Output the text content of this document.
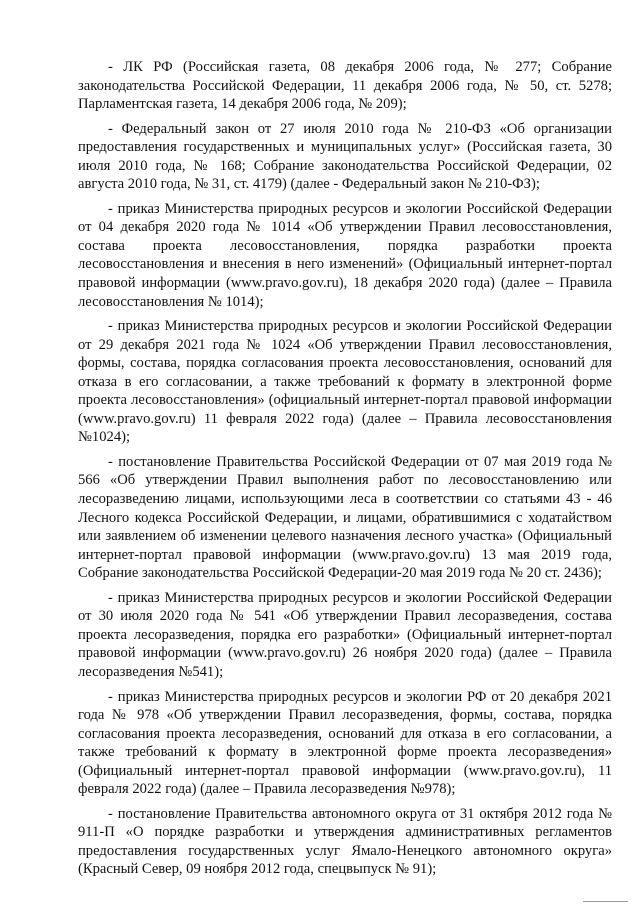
- ЛК РФ (Российская газета, 08 декабря 2006 года, № 277; Собрание законодательства Российской Федерации, 11 декабря 2006 года, № 50, ст. 5278; Парламентская газета, 14 декабря 2006 года, № 209);

- Федеральный закон от 27 июля 2010 года № 210-ФЗ «Об организации предоставления государственных и муниципальных услуг» (Российская газета, 30 июля 2010 года, № 168; Собрание законодательства Российской Федерации, 02 августа 2010 года, № 31, ст. 4179) (далее - Федеральный закон № 210-ФЗ);

- приказ Министерства природных ресурсов и экологии Российской Федерации от 04 декабря 2020 года № 1014 «Об утверждении Правил лесовосстановления, состава проекта лесовосстановления, порядка разработки проекта лесовосстановления и внесения в него изменений» (Официальный интернет-портал правовой информации (www.pravo.gov.ru), 18 декабря 2020 года) (далее – Правила лесовосстановления № 1014);

- приказ Министерства природных ресурсов и экологии Российской Федерации от 29 декабря 2021 года № 1024 «Об утверждении Правил лесовосстановления, формы, состава, порядка согласования проекта лесовосстановления, оснований для отказа в его согласовании, а также требований к формату в электронной форме проекта лесовосстановления» (официальный интернет-портал правовой информации (www.pravo.gov.ru) 11 февраля 2022 года) (далее – Правила лесовосстановления №1024);

- постановление Правительства Российской Федерации от 07 мая 2019 года № 566 «Об утверждении Правил выполнения работ по лесовосстановлению или лесоразведению лицами, использующими леса в соответствии со статьями 43 - 46 Лесного кодекса Российской Федерации, и лицами, обратившимися с ходатайством или заявлением об изменении целевого назначения лесного участка» (Официальный интернет-портал правовой информации (www.pravo.gov.ru) 13 мая 2019 года, Собрание законодательства Российской Федерации-20 мая 2019 года № 20 ст. 2436);

- приказ Министерства природных ресурсов и экологии Российской Федерации от 30 июля 2020 года № 541 «Об утверждении Правил лесоразведения, состава проекта лесоразведения, порядка его разработки» (Официальный интернет-портал правовой информации (www.pravo.gov.ru) 26 ноября 2020 года) (далее – Правила лесоразведения №541);

- приказ Министерства природных ресурсов и экологии РФ от 20 декабря 2021 года № 978 «Об утверждении Правил лесоразведения, формы, состава, порядка согласования проекта лесоразведения, оснований для отказа в его согласовании, а также требований к формату в электронной форме проекта лесоразведения» (Официальный интернет-портал правовой информации (www.pravo.gov.ru), 11 февраля 2022 года) (далее – Правила лесоразведения №978);

- постановление Правительства автономного округа от 31 октября 2012 года № 911-П «О порядке разработки и утверждения административных регламентов предоставления государственных услуг Ямало-Ненецкого автономного округа» (Красный Север, 09 ноября 2012 года, спецвыпуск № 91);
